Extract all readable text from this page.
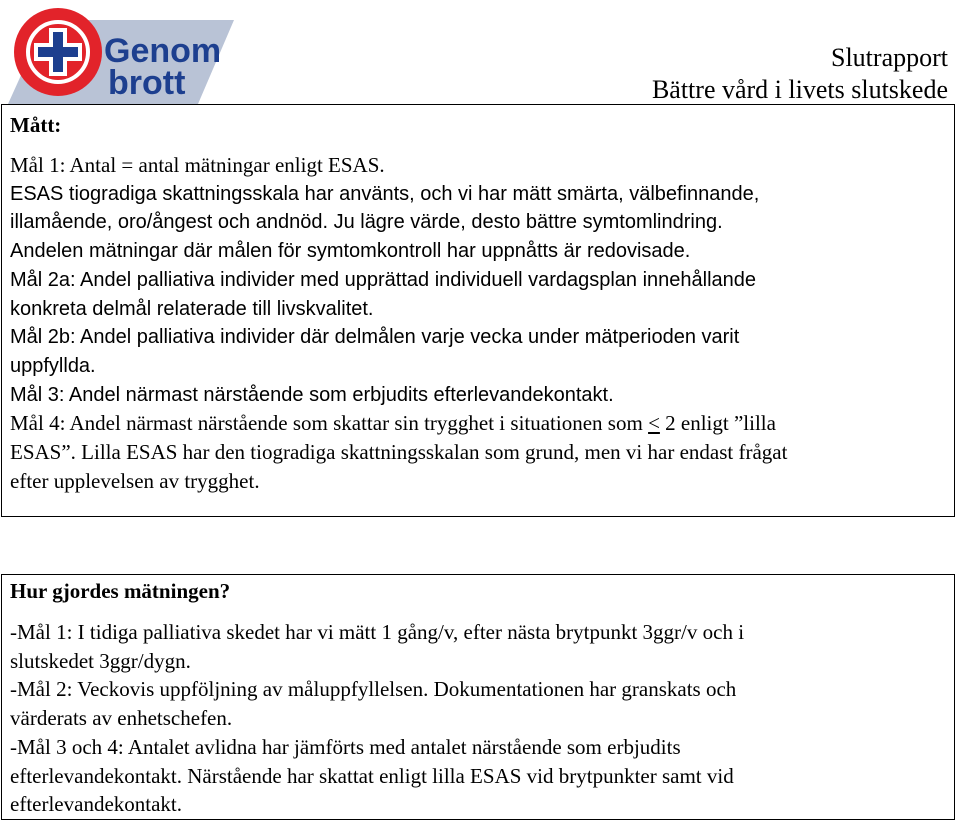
Genom
brott
Slutrapport
Bättre vård i livets slutskede
Mått:
Mål 1: Antal = antal mätningar enligt ESAS.
ESAS tiogradiga skattningsskala har använts, och vi har mätt smärta, välbefinnande,
illamående, oro/ångest och andnöd. Ju lägre värde, desto bättre symtomlindring.
Andelen mätningar där målen för symtomkontroll har uppnåtts är redovisade.
Mål 2a: Andel palliativa individer med upprättad individuell vardagsplan innehållande
konkreta delmål relaterade till livskvalitet.
Mål 2b: Andel palliativa individer där delmålen varje vecka under mätperioden varit
uppfyllda.
Mål 3: Andel närmast närstående som erbjudits efterlevandekontakt.
Mål 4: Andel närmast närstående som skattar sin trygghet i situationen som < 2 enligt ”lilla
ESAS”. Lilla ESAS har den tiogradiga skattningsskalan som grund, men vi har endast frågat
efter upplevelsen av trygghet.
Hur gjordes mätningen?
-Mål 1: I tidiga palliativa skedet har vi mätt 1 gång/v, efter nästa brytpunkt 3ggr/v och i
slutskedet 3ggr/dygn.
-Mål 2: Veckovis uppföljning av måluppfyllelsen. Dokumentationen har granskats och
värderats av enhetschefen.
-Mål 3 och 4: Antalet avlidna har jämförts med antalet närstående som erbjudits
efterlevandekontakt. Närstående har skattat enligt lilla ESAS vid brytpunkter samt vid
efterlevandekontakt.
